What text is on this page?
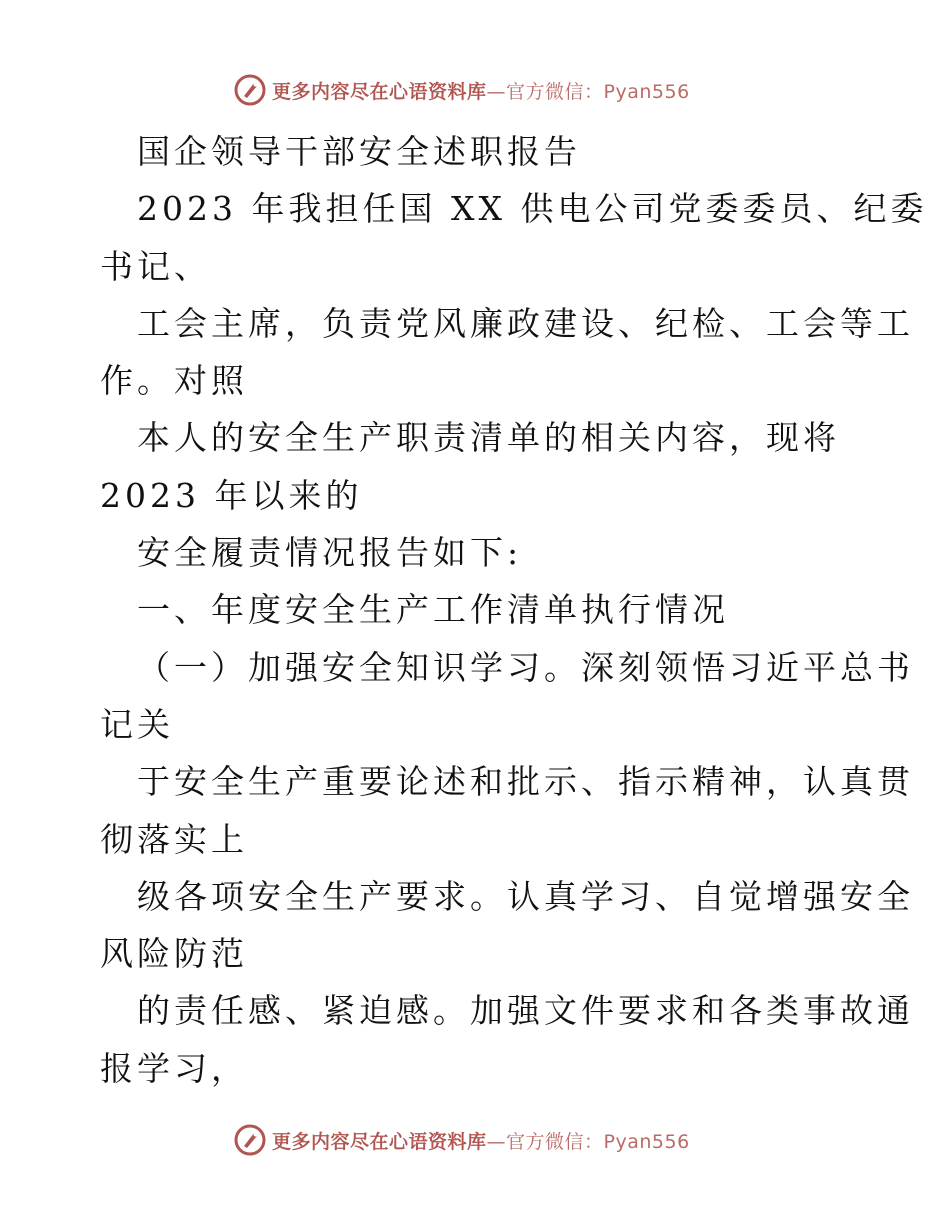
更多内容尽在心语资料库—官方微信：Pyan556
国企领导干部安全述职报告
2023 年我担任国 XX 供电公司党委委员、纪委
书记、
工会主席，负责党风廉政建设、纪检、工会等工
作。对照
本人的安全生产职责清单的相关内容，现将
2023 年以来的
安全履责情况报告如下:
一、年度安全生产工作清单执行情况
（一）加强安全知识学习。深刻领悟习近平总书
记关
于安全生产重要论述和批示、指示精神，认真贯
彻落实上
级各项安全生产要求。认真学习、自觉增强安全
风险防范
的责任感、紧迫感。加强文件要求和各类事故通
报学习，
更多内容尽在心语资料库—官方微信：Pyan556
